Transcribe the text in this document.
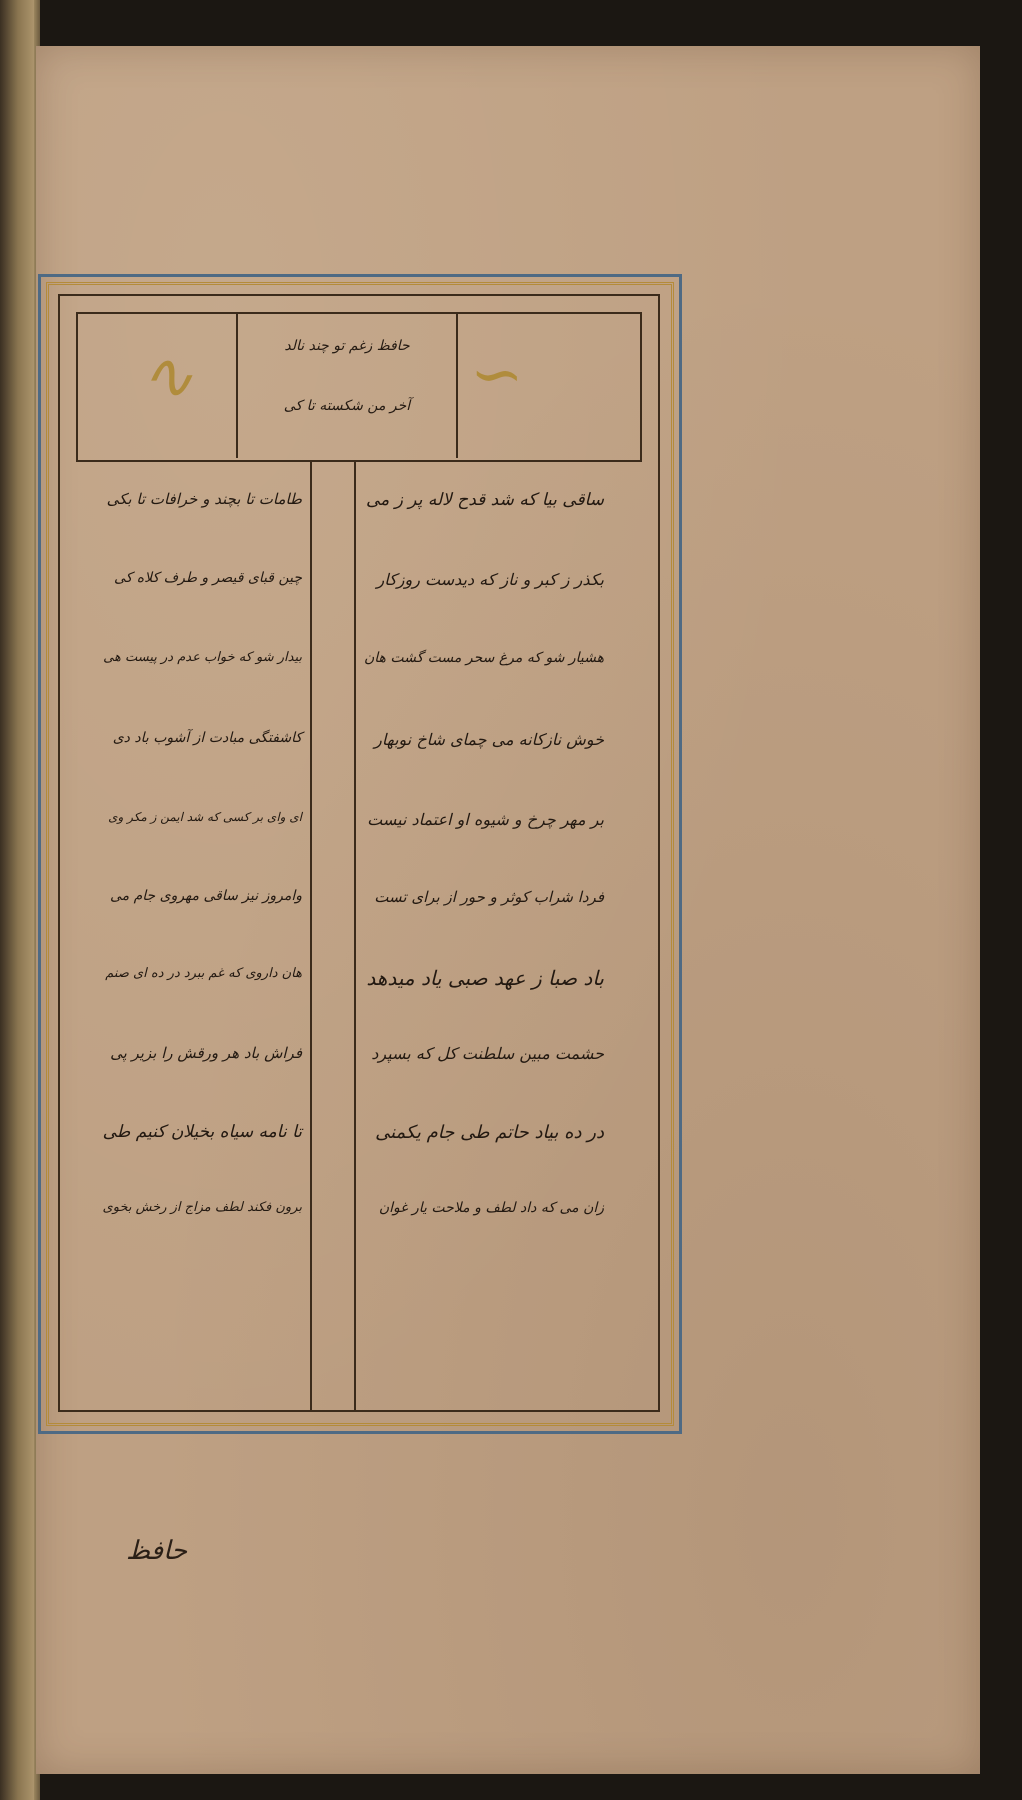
∽
∿	حافظ زغم تو چند نالد
آخر من شکسته تا کی
ساقی بیا که شد قدح لاله پر ز می
بکذر ز کبر و ناز که دیدست روزکار
هشیار شو که مرغ سحر مست گشت هان
خوش نازکانه می چمای شاخ نوبهار
بر مهر چرخ و شیوه او اعتماد نیست
فردا شراب کوثر و حور از برای تست
باد صبا ز عهد صبی یاد میدهد
حشمت مبین سلطنت کل که بسپرد
در ده بیاد حاتم طی جام یکمنی
زان می که داد لطف و ملاحت یار غوان
طامات تا بچند و خرافات تا بکی
چین قبای قیصر و طرف کلاه کی
بیدار شو که خواب عدم در پیست هی
کاشفتگی مبادت از آشوب باد دی
ای وای بر کسی که شد ایمن ز مکر وی
وامروز نیز ساقی مهروی جام می
هان داروی که غم ببرد در ده ای صنم
فراش باد هر ورقش را بزیر پی
تا نامه سیاه بخیلان کنیم طی
برون فکند لطف مزاج از رخش بخوی
حافظ
